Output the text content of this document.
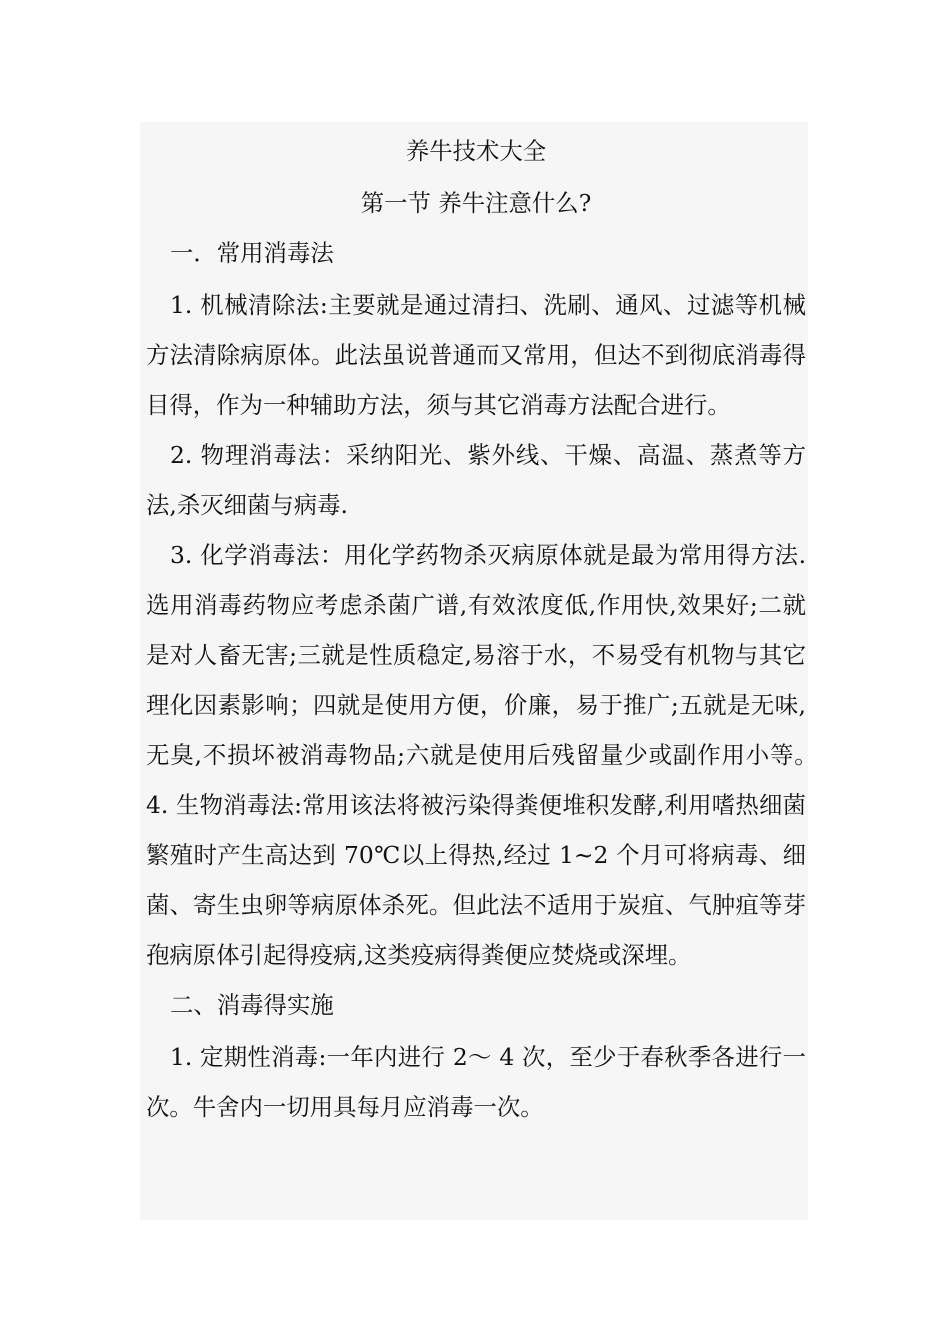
养牛技术大全

第一节 养牛注意什么?

一．常用消毒法

1. 机械清除法:主要就是通过清扫、洗刷、通风、过滤等机械方法清除病原体。此法虽说普通而又常用，但达不到彻底消毒得目得，作为一种辅助方法，须与其它消毒方法配合进行。

2. 物理消毒法：采纳阳光、紫外线、干燥、高温、蒸煮等方法,杀灭细菌与病毒.

3. 化学消毒法：用化学药物杀灭病原体就是最为常用得方法.选用消毒药物应考虑杀菌广谱,有效浓度低,作用快,效果好;二就是对人畜无害;三就是性质稳定,易溶于水，不易受有机物与其它理化因素影响；四就是使用方便，价廉，易于推广;五就是无味,无臭,不损坏被消毒物品;六就是使用后残留量少或副作用小等。　　4. 生物消毒法:常用该法将被污染得粪便堆积发酵,利用嗜热细菌繁殖时产生高达到 70℃以上得热,经过 1~2 个月可将病毒、细菌、寄生虫卵等病原体杀死。但此法不适用于炭疽、气肿疽等芽孢病原体引起得疫病,这类疫病得粪便应焚烧或深埋。

二、消毒得实施

1. 定期性消毒:一年内进行 2～ 4 次，至少于春秋季各进行一次。牛舍内一切用具每月应消毒一次。
